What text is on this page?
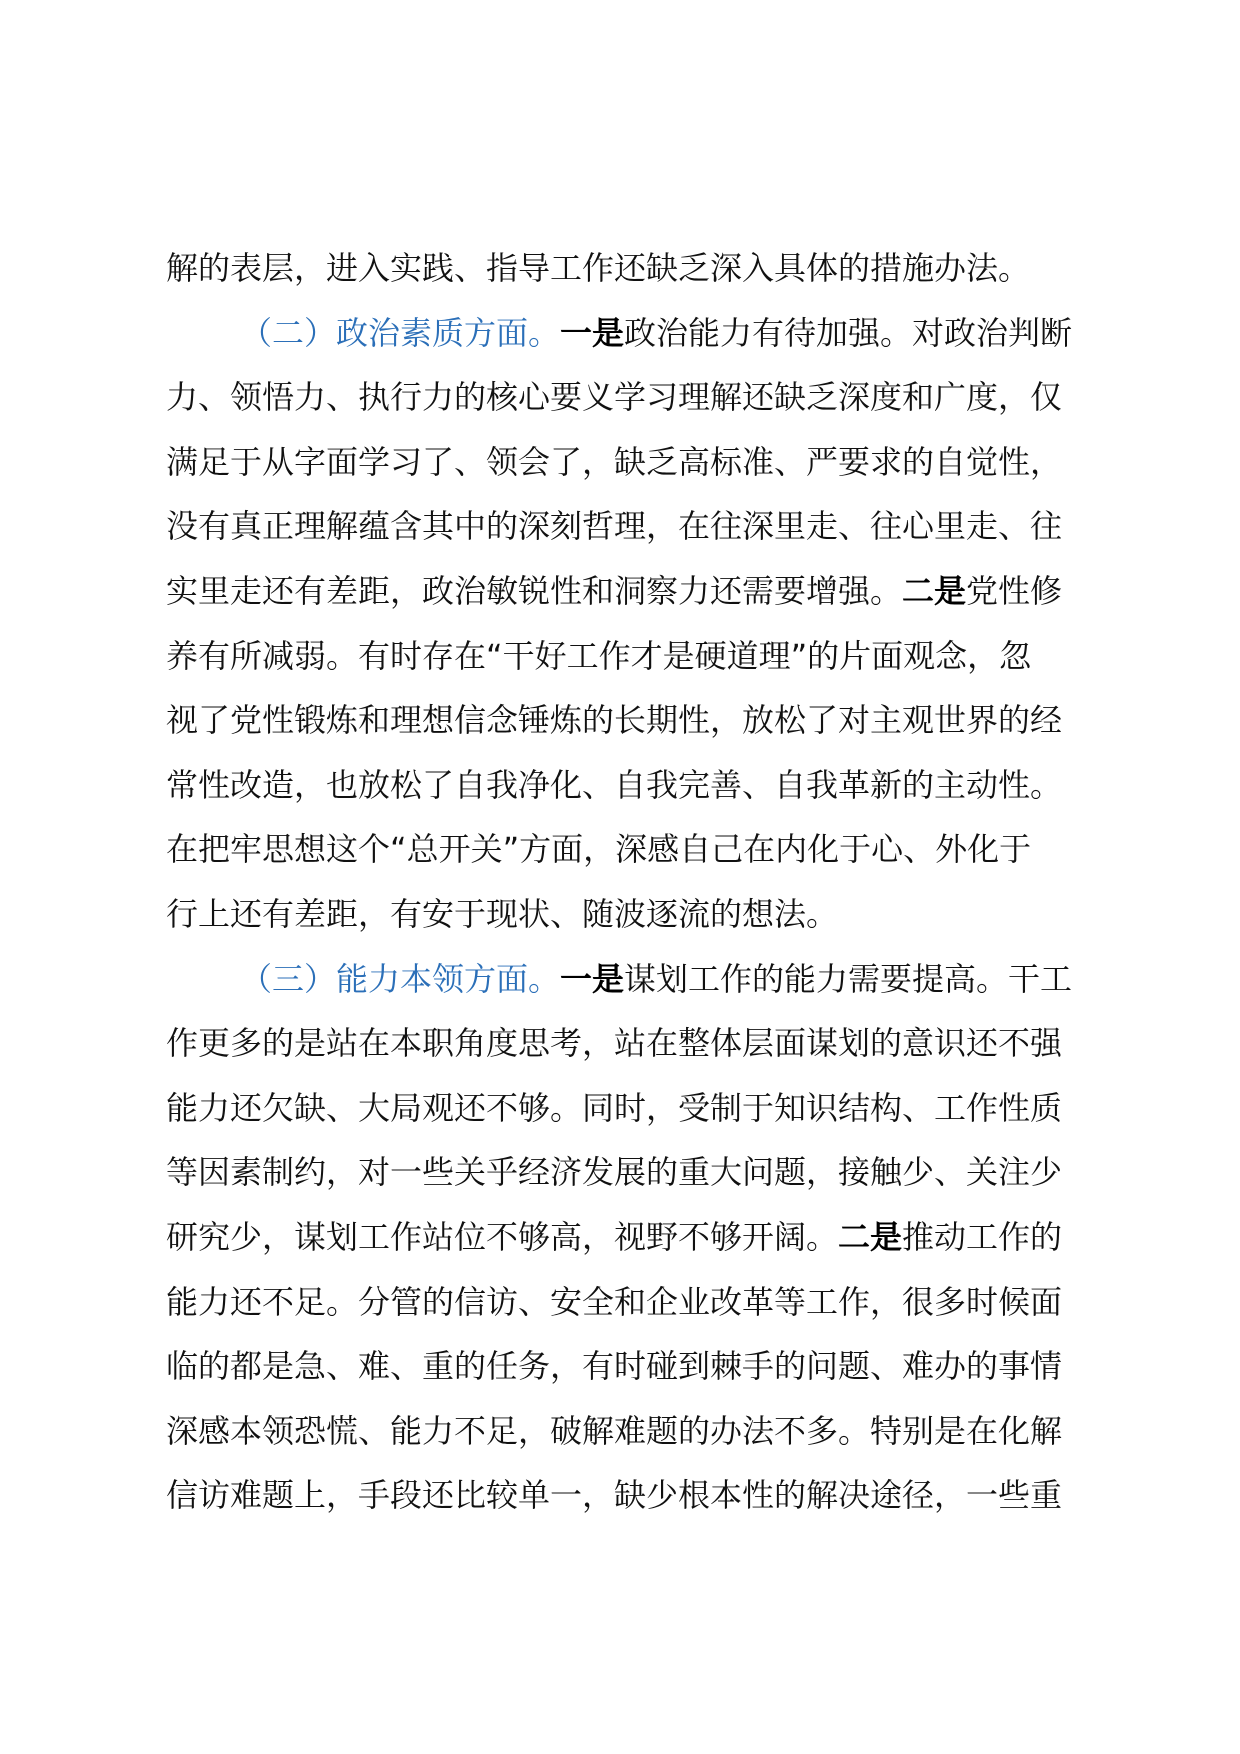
解的表层，进入实践、指导工作还缺乏深入具体的措施办法。
（二）政治素质方面。一是政治能力有待加强。对政治判断
力、领悟力、执行力的核心要义学习理解还缺乏深度和广度，仅
满足于从字面学习了、领会了，缺乏高标准、严要求的自觉性，
没有真正理解蕴含其中的深刻哲理，在往深里走、往心里走、往
实里走还有差距，政治敏锐性和洞察力还需要增强。二是党性修
养有所减弱。有时存在“干好工作才是硬道理”的片面观念，忽
视了党性锻炼和理想信念锤炼的长期性，放松了对主观世界的经
常性改造，也放松了自我净化、自我完善、自我革新的主动性。
在把牢思想这个“总开关”方面，深感自己在内化于心、外化于
行上还有差距，有安于现状、随波逐流的想法。
（三）能力本领方面。一是谋划工作的能力需要提高。干工
作更多的是站在本职角度思考，站在整体层面谋划的意识还不强
能力还欠缺、大局观还不够。同时，受制于知识结构、工作性质
等因素制约，对一些关乎经济发展的重大问题，接触少、关注少
研究少，谋划工作站位不够高，视野不够开阔。二是推动工作的
能力还不足。分管的信访、安全和企业改革等工作，很多时候面
临的都是急、难、重的任务，有时碰到棘手的问题、难办的事情
深感本领恐慌、能力不足，破解难题的办法不多。特别是在化解
信访难题上，手段还比较单一，缺少根本性的解决途径，一些重
